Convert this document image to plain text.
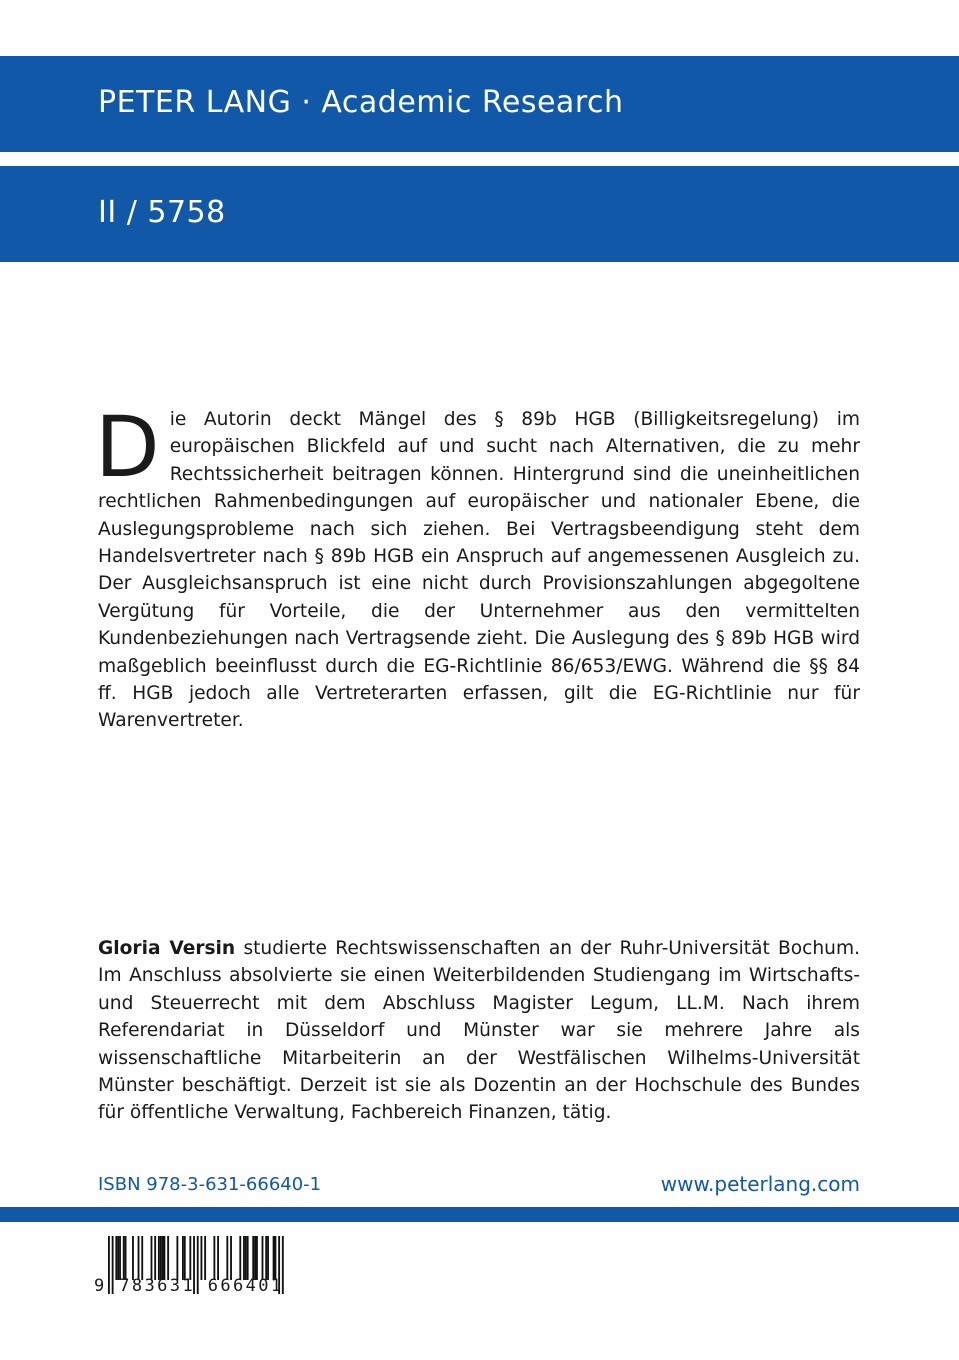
PETER LANG · Academic Research
II / 5758

Die Autorin deckt Mängel des § 89b HGB (Billigkeitsregelung) im europäischen Blickfeld auf und sucht nach Alternativen, die zu mehr Rechtssicherheit beitragen können. Hintergrund sind die uneinheitlichen rechtlichen Rahmenbedingungen auf europäischer und nationaler Ebene, die Auslegungsprobleme nach sich ziehen. Bei Vertragsbeendigung steht dem Handelsvertreter nach § 89b HGB ein Anspruch auf angemessenen Ausgleich zu. Der Ausgleichsanspruch ist eine nicht durch Provisionszahlungen abgegoltene Vergütung für Vorteile, die der Unternehmer aus den vermittelten Kundenbeziehungen nach Vertragsende zieht. Die Auslegung des § 89b HGB wird maßgeblich beeinflusst durch die EG-Richtlinie 86/653/EWG. Während die §§ 84 ff. HGB jedoch alle Vertreterarten erfassen, gilt die EG-Richtlinie nur für Warenvertreter.

Gloria Versin studierte Rechtswissenschaften an der Ruhr-Universität Bochum. Im Anschluss absolvierte sie einen Weiterbildenden Studiengang im Wirtschafts- und Steuerrecht mit dem Abschluss Magister Legum, LL.M. Nach ihrem Referendariat in Düsseldorf und Münster war sie mehrere Jahre als wissenschaftliche Mitarbeiterin an der Westfälischen Wilhelms-Universität Münster beschäftigt. Derzeit ist sie als Dozentin an der Hochschule des Bundes für öffentliche Verwaltung, Fachbereich Finanzen, tätig.

ISBN 978-3-631-66640-1	www.peterlang.com
9 783631 666401
